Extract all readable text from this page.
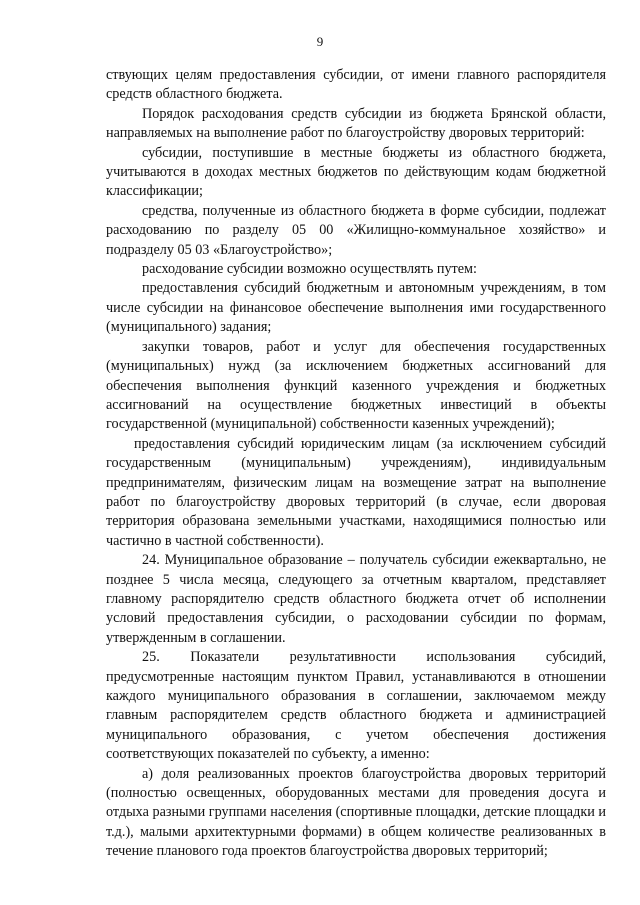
9

ствующих целям предоставления субсидии, от имени главного распорядителя средств областного бюджета.

Порядок расходования средств субсидии из бюджета Брянской области, направляемых на выполнение работ по благоустройству дворовых территорий:

субсидии, поступившие в местные бюджеты из областного бюджета, учитываются в доходах местных бюджетов по действующим кодам бюджетной классификации;

средства, полученные из областного бюджета в форме субсидии, подлежат расходованию по разделу 05 00 «Жилищно-коммунальное хозяйство» и подразделу 05 03 «Благоустройство»;

расходование субсидии возможно осуществлять путем:

предоставления субсидий бюджетным и автономным учреждениям, в том числе субсидии на финансовое обеспечение выполнения ими государственного (муниципального) задания;

закупки товаров, работ и услуг для обеспечения государственных (муниципальных) нужд (за исключением бюджетных ассигнований для обеспечения выполнения функций казенного учреждения и бюджетных ассигнований на осуществление бюджетных инвестиций в объекты государственной (муниципальной) собственности казенных учреждений);

предоставления субсидий юридическим лицам (за исключением субсидий государственным (муниципальным) учреждениям), индивидуальным предпринимателям, физическим лицам на возмещение затрат на выполнение работ по благоустройству дворовых территорий (в случае, если дворовая территория образована земельными участками, находящимися полностью или частично в частной собственности).

24. Муниципальное образование – получатель субсидии ежеквартально, не позднее 5 числа месяца, следующего за отчетным кварталом, представляет главному распорядителю средств областного бюджета отчет об исполнении условий предоставления субсидии, о расходовании субсидии по формам, утвержденным в соглашении.

25. Показатели результативности использования субсидий, предусмотренные настоящим пунктом Правил, устанавливаются в отношении каждого муниципального образования в соглашении, заключаемом между главным распорядителем средств областного бюджета и администрацией муниципального образования, с учетом обеспечения достижения соответствующих показателей по субъекту, а именно:

а) доля реализованных проектов благоустройства дворовых территорий (полностью освещенных, оборудованных местами для проведения досуга и отдыха разными группами населения (спортивные площадки, детские площадки и т.д.), малыми архитектурными формами) в общем количестве реализованных в течение планового года проектов благоустройства дворовых территорий;
